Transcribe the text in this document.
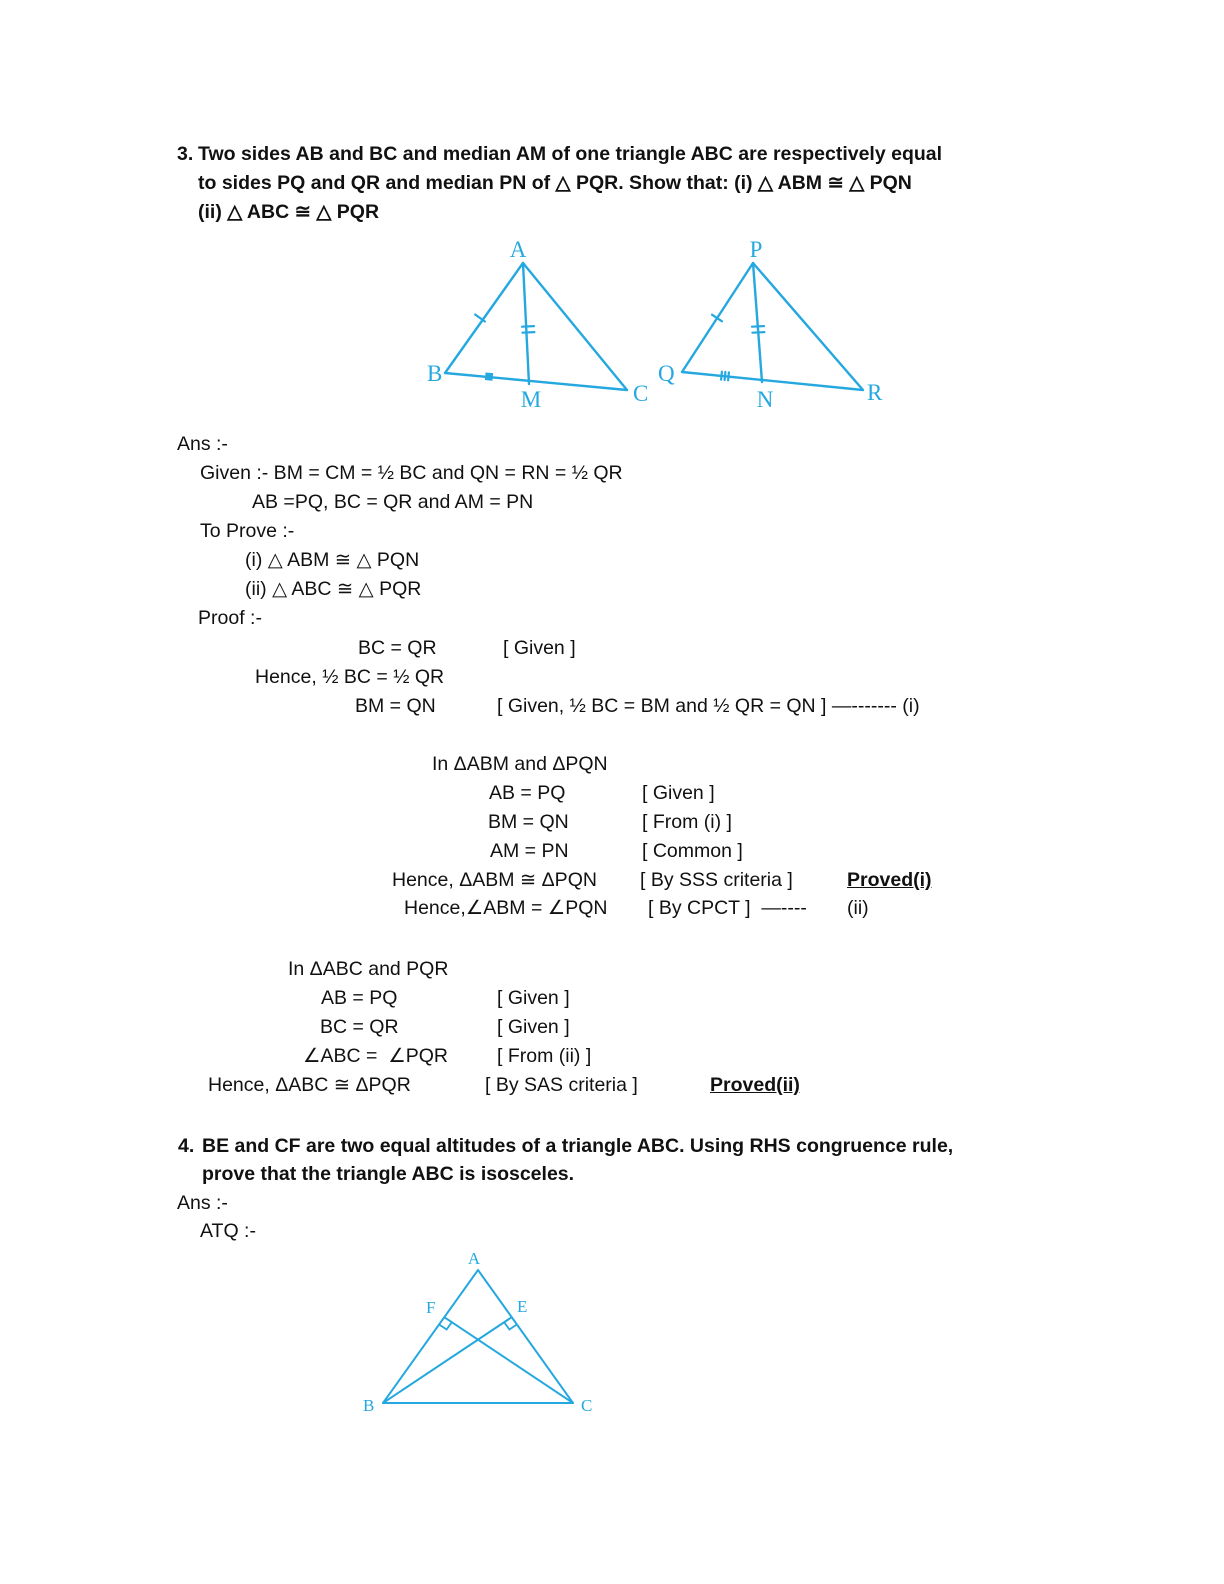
3. Two sides AB and BC and median AM of one triangle ABC are respectively equal
to sides PQ and QR and median PN of △ PQR. Show that: (i) △ ABM ≅ △ PQN
(ii) △ ABC ≅ △ PQR
A
B
C
M
P
Q
R
N
Ans :-
Given :- BM = CM = ½ BC and QN = RN = ½ QR
AB =PQ, BC = QR and AM = PN
To Prove :-
(i) △ ABM ≅ △ PQN
(ii) △ ABC ≅ △ PQR
Proof :-
BC = QR	[ Given ]
Hence, ½ BC = ½ QR
BM = QN	[ Given, ½ BC = BM and ½ QR = QN ] —------- (i)
In ΔABM and ΔPQN
AB = PQ	[ Given ]
BM = QN	[ From (i) ]
AM = PN	[ Common ]
Hence, ΔABM ≅ ΔPQN [ By SSS criteria ]	Proved(i)
Hence,∠ABM = ∠PQN [ By CPCT ]  —---- (ii)
In ΔABC and PQR
AB = PQ	[ Given ]
BC = QR	[ Given ]
∠ABC =  ∠PQR	[ From (ii) ]
Hence, ΔABC ≅ ΔPQR	[ By SAS criteria ]	Proved(ii)
4. BE and CF are two equal altitudes of a triangle ABC. Using RHS congruence rule,
prove that the triangle ABC is isosceles.
Ans :-
ATQ :-
A
B	C
F	E
